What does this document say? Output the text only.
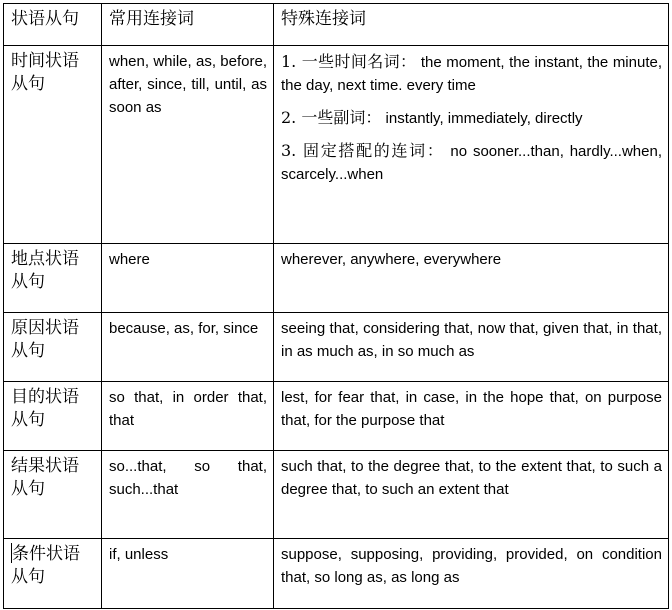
状语从句	常用连接词	特殊连接词
时间状语从句	when, while, as, before, after, since, till, until, as soon as	1. 一些时间名词： the moment, the instant, the minute, the day, next time. every time
2. 一些副词： instantly, immediately, directly
3. 固定搭配的连词： no sooner...than, hardly...when, scarcely...when

地点状语从句	where	wherever, anywhere, everywhere
原因状语从句	because, as, for, since	seeing that, considering that, now that, given that, in that, in as much as, in so much as
目的状语从句	so that, in order that, that	lest, for fear that, in case, in the hope that, on purpose that, for the purpose that
结果状语从句	so...that, so that, such...that	such that, to the degree that, to the extent that, to such a degree that, to such an extent that
条件状语从句	if, unless	suppose, supposing, providing, provided, on condition that, so long as, as long as
